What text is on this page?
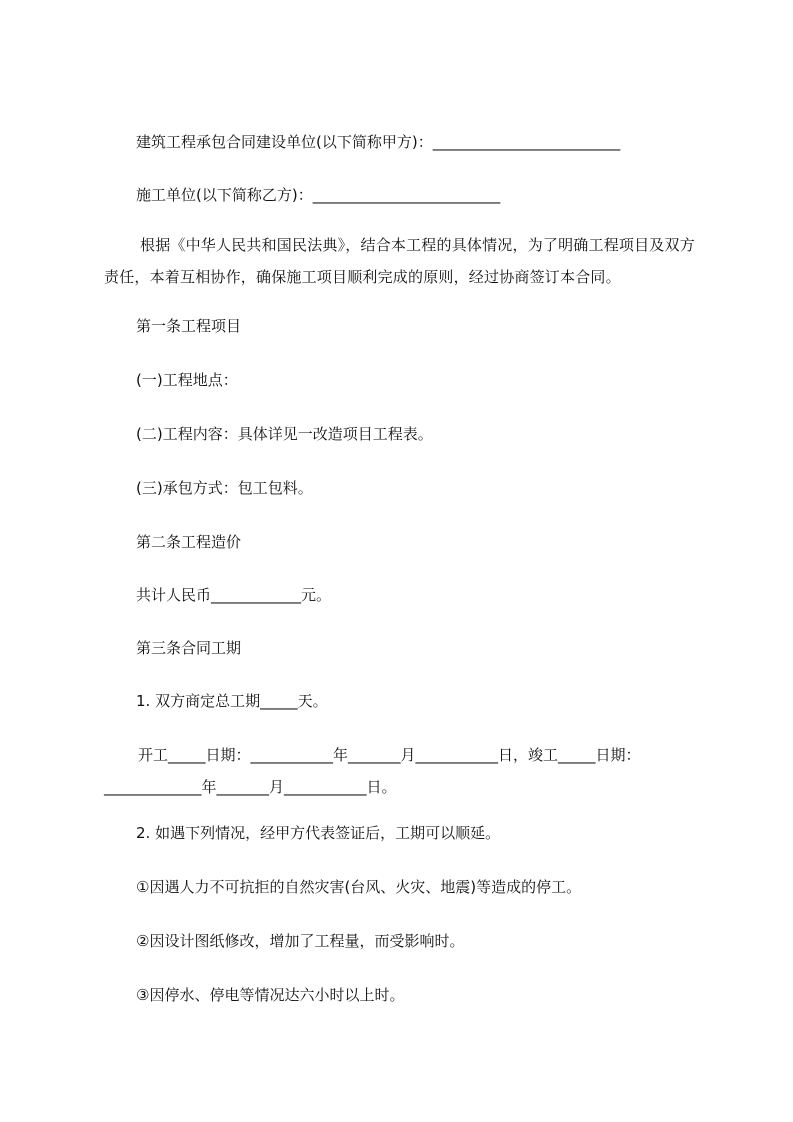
建筑工程承包合同建设单位(以下简称甲方)：_________________________
施工单位(以下简称乙方)：_________________________
根据《中华人民共和国民法典》，结合本工程的具体情况，为了明确工程项目及双方责任，本着互相协作，确保施工项目顺利完成的原则，经过协商签订本合同。
第一条工程项目
(一)工程地点：
(二)工程内容：具体详见一改造项目工程表。
(三)承包方式：包工包料。
第二条工程造价
共计人民币____________元。
第三条合同工期
1. 双方商定总工期_____天。
开工_____日期：___________年_______月___________日，竣工_____日期：_____________年_______月___________日。
2. 如遇下列情况，经甲方代表签证后，工期可以顺延。
①因遇人力不可抗拒的自然灾害(台风、火灾、地震)等造成的停工。
②因设计图纸修改，增加了工程量，而受影响时。
③因停水、停电等情况达六小时以上时。
